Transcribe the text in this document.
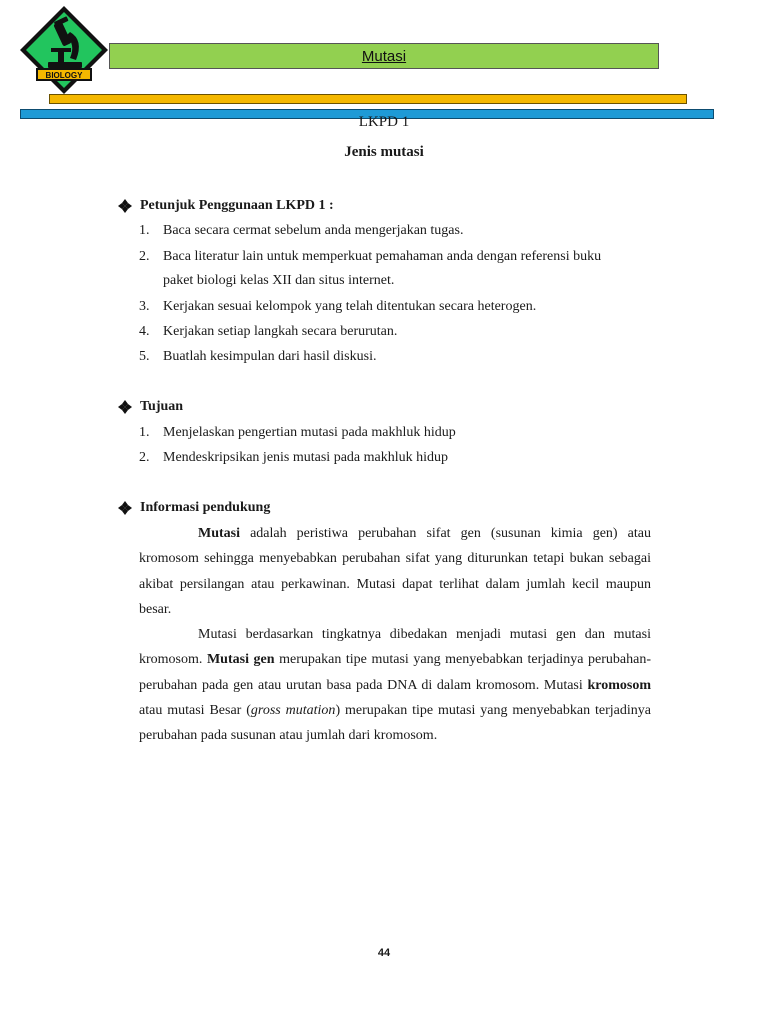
BIOLOGY
Mutasi
LKPD 1
Jenis mutasi
Petunjuk Penggunaan LKPD 1 :
1. Baca secara cermat sebelum anda mengerjakan tugas.
2. Baca literatur lain untuk memperkuat pemahaman anda dengan referensi buku
paket biologi kelas XII dan situs internet.
3. Kerjakan sesuai kelompok yang telah ditentukan secara heterogen.
4. Kerjakan setiap langkah secara berurutan.
5. Buatlah kesimpulan dari hasil diskusi.
Tujuan
1. Menjelaskan pengertian mutasi pada makhluk hidup
2. Mendeskripsikan jenis mutasi pada makhluk hidup
Informasi pendukung

Mutasi adalah peristiwa perubahan sifat gen (susunan kimia gen) atau kromosom sehingga menyebabkan perubahan sifat yang diturunkan tetapi bukan sebagai akibat persilangan atau perkawinan. Mutasi dapat terlihat dalam jumlah kecil maupun besar.

Mutasi berdasarkan tingkatnya dibedakan menjadi mutasi gen dan mutasi kromosom. Mutasi gen merupakan tipe mutasi yang menyebabkan terjadinya perubahan-perubahan pada gen atau urutan basa pada DNA di dalam kromosom. Mutasi kromosom atau mutasi Besar (gross mutation) merupakan tipe mutasi yang menyebabkan terjadinya perubahan pada susunan atau jumlah dari kromosom.

44
